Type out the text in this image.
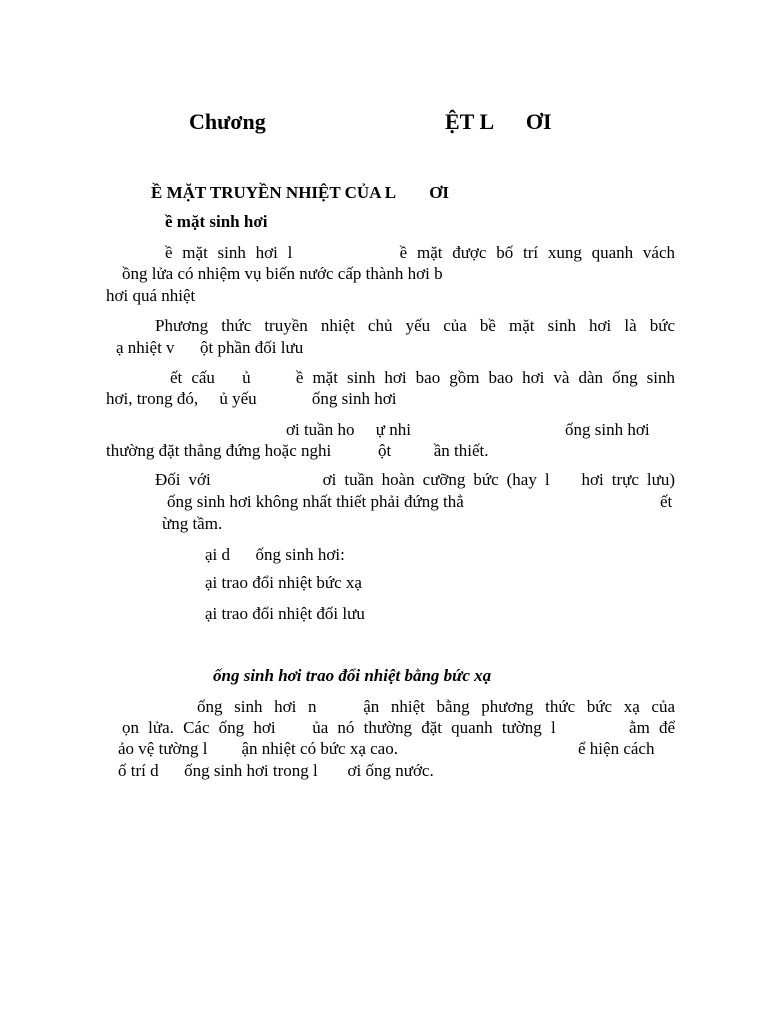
Chương	ỆT L      ƠI
Ề MẶT TRUYỀN NHIỆT CỦA L        ƠI
ề mặt sinh hơi
ề mặt sinh hơi l           ề mặt được bố trí xung quanh vách
ồng lửa có nhiệm vụ biến nước cấp thành hơi b
hơi quá nhiệt
Phương thức truyền nhiệt chủ yếu của bề mặt sinh hơi là bức
ạ nhiệt v      ột phần đối lưu
ết cấu   ủ     ề mặt sinh hơi bao gồm bao hơi và dàn ống sinh
hơi, trong đó,     ủ yếu             ống sinh hơi
ơi tuần ho     ự nhi	ống sinh hơi
thường đặt thẳng đứng hoặc nghi           ột          ần thiết.
Đối với              ơi tuần hoàn cưỡng bức (hay l    hơi trực lưu)
ống sinh hơi không nhất thiết phải đứng thẳ	ết
ừng tầm.
ại d      ống sinh hơi:
ại trao đổi nhiệt bức xạ
ại trao đổi nhiệt đối lưu
ống sinh hơi trao đổi nhiệt bằng bức xạ
ống sinh hơi n    ận nhiệt bằng phương thức bức xạ của
ọn lửa. Các ống hơi    ủa nó thường đặt quanh tường l        ằm để
ảo vệ tường l        ận nhiệt có bức xạ cao.	ể hiện cách
ố trí d      ống sinh hơi trong l       ơi ống nước.
